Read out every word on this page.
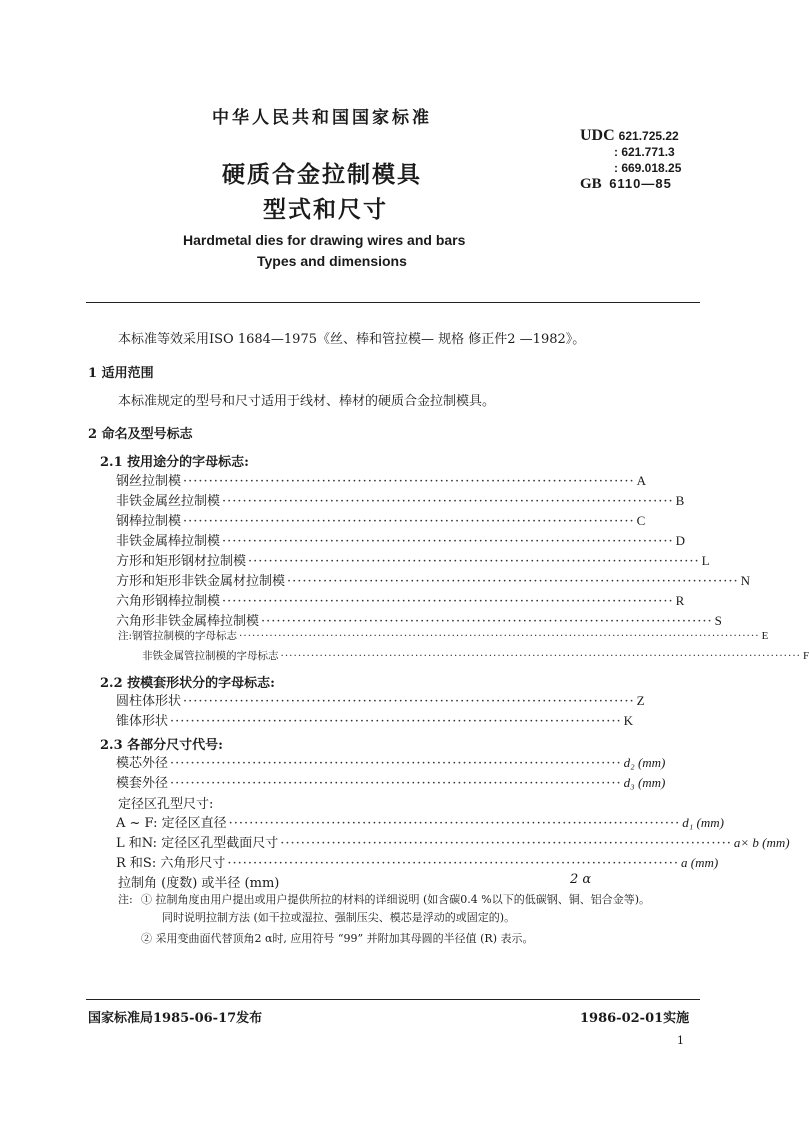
中华人民共和国国家标准
UDC 621.725.22
: 621.771.3
: 669.018.25
GB 6110—85
硬质合金拉制模具
型式和尺寸
Hardmetal dies for drawing wires and bars
Types and dimensions
本标准等效采用ISO 1684—1975《丝、棒和管拉模— 规格 修正件2 —1982》。
1 适用范围
本标准规定的型号和尺寸适用于线材、棒材的硬质合金拉制模具。
2 命名及型号标志
2.1 按用途分的字母标志:
钢丝拉制模 ························································································ A
非铁金属丝拉制模 ························································································ B
钢棒拉制模 ························································································ C
非铁金属棒拉制模 ························································································ D
方形和矩形钢材拉制模 ························································································ L
方形和矩形非铁金属材拉制模 ························································································ N
六角形钢棒拉制模 ························································································ R
六角形非铁金属棒拉制模 ························································································ S
注: 钢管拉制模的字母标志 ························································································································ E
非铁金属管拉制模的字母标志 ························································································································ F
2.2 按模套形状分的字母标志:
圆柱体形状 ························································································ Z
锥体形状 ························································································ K
2.3 各部分尺寸代号:
模芯外径 ························································································ d₂ (mm)
模套外径 ························································································ d₃ (mm)
定径区孔型尺寸:
A ~ F: 定径区直径 ························································································ d₁ (mm)
L 和N: 定径区孔型截面尺寸 ························································································ a× b (mm)
R 和S: 六角形尺寸 ························································································ a (mm)
拉制角 (度数) 或半径 (mm)	2 α
注: ① 拉制角度由用户提出或用户提供所拉的材料的详细说明 (如含碳0.4 %以下的低碳钢、铜、铝合金等)。
同时说明拉制方法 (如干拉或湿拉、强制压尖、模芯是浮动的或固定的)。
② 采用变曲面代替顶角2 α时, 应用符号 “99” 并附加其母圆的半径值 (R) 表示。
国家标准局1985-06-17发布	1986-02-01实施
1
